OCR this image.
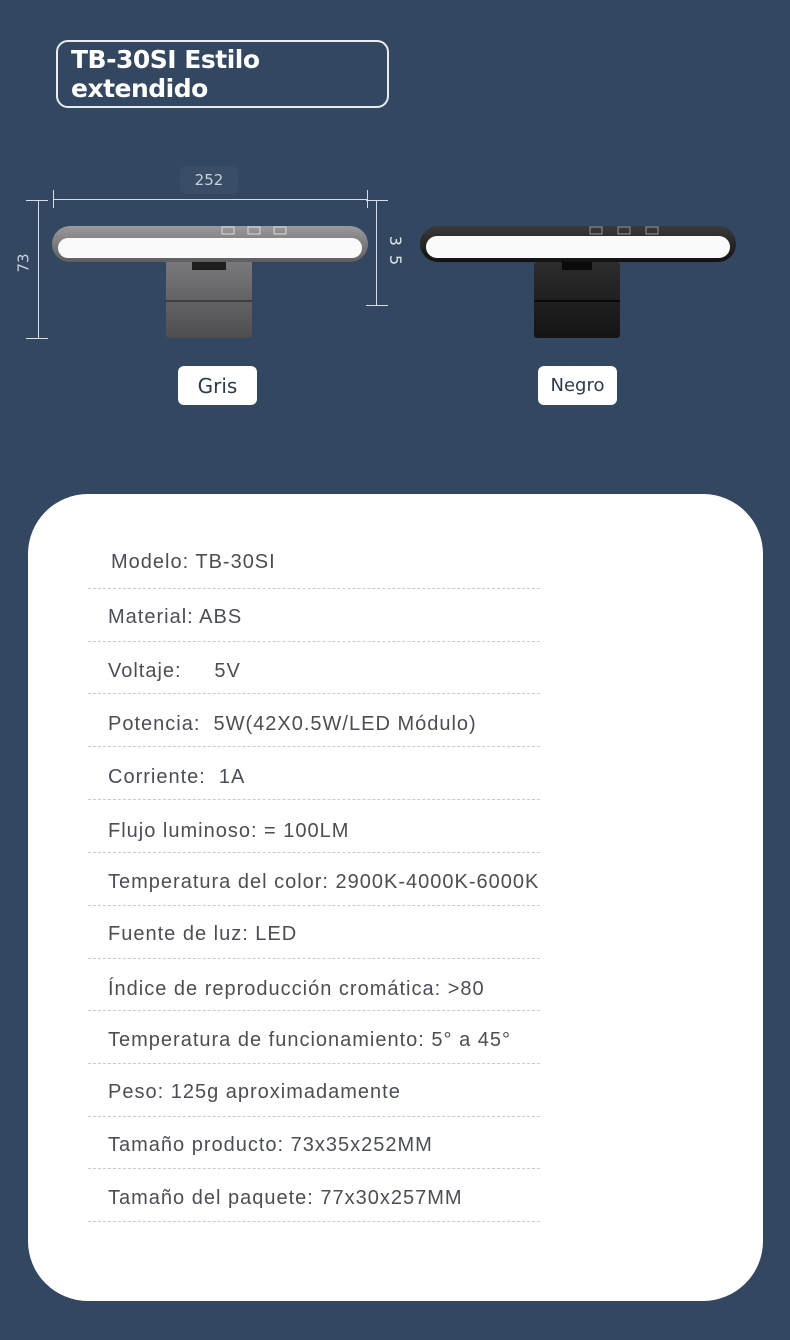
TB-30SI Estilo extendido
252
73	3 5
Gris	Negro
Modelo: TB-30SI
Material: ABS
Voltaje:     5V
Potencia:  5W(42X0.5W/LED Módulo)
Corriente:  1A
Flujo luminoso: = 100LM
Temperatura del color: 2900K-4000K-6000K
Fuente de luz: LED
Índice de reproducción cromática: >80
Temperatura de funcionamiento: 5° a 45°
Peso: 125g aproximadamente
Tamaño producto: 73x35x252MM
Tamaño del paquete: 77x30x257MM
